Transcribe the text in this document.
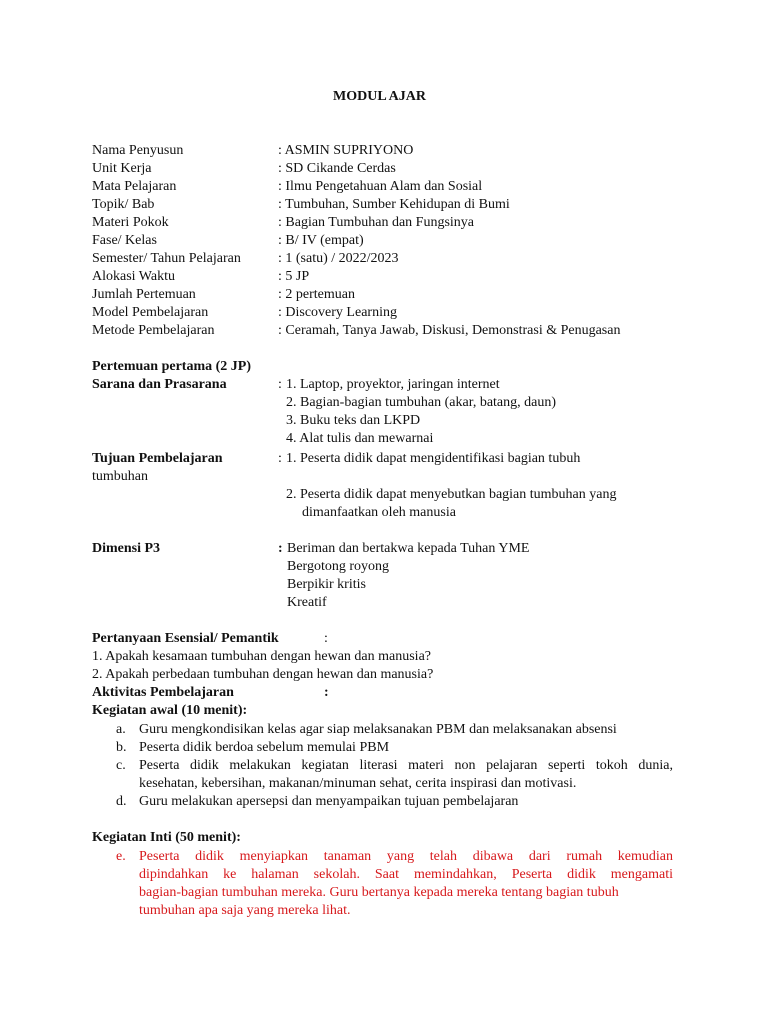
MODUL AJAR
Nama Penyusun	: ASMIN SUPRIYONO
Unit Kerja	: SD Cikande Cerdas
Mata Pelajaran	: Ilmu Pengetahuan Alam dan Sosial
Topik/ Bab	: Tumbuhan, Sumber Kehidupan di Bumi
Materi Pokok	: Bagian Tumbuhan dan Fungsinya
Fase/ Kelas	: B/ IV (empat)
Semester/ Tahun Pelajaran	: 1 (satu) / 2022/2023
Alokasi Waktu	: 5 JP
Jumlah Pertemuan	: 2 pertemuan
Model Pembelajaran	: Discovery Learning
Metode Pembelajaran	: Ceramah, Tanya Jawab, Diskusi, Demonstrasi & Penugasan
Pertemuan pertama (2 JP)
Sarana dan Prasarana	: 1. Laptop, proyektor, jaringan internet
2. Bagian-bagian tumbuhan (akar, batang, daun)
3. Buku teks dan LKPD
4. Alat tulis dan mewarnai
Tujuan Pembelajaran	: 1. Peserta didik dapat mengidentifikasi bagian tubuh
tumbuhan
2. Peserta didik dapat menyebutkan bagian tumbuhan yang
dimanfaatkan oleh manusia
Dimensi P3	: Beriman dan bertakwa kepada Tuhan YME
Bergotong royong
Berpikir kritis
Kreatif
Pertanyaan Esensial/ Pemantik	:
1. Apakah kesamaan tumbuhan dengan hewan dan manusia?
2. Apakah perbedaan tumbuhan dengan hewan dan manusia?
Aktivitas Pembelajaran	:
Kegiatan awal (10 menit):
a. Guru mengkondisikan kelas agar siap melaksanakan PBM dan melaksanakan absensi
b. Peserta didik berdoa sebelum memulai PBM
c. Peserta didik melakukan kegiatan literasi materi non pelajaran seperti tokoh dunia,
kesehatan, kebersihan, makanan/minuman sehat, cerita inspirasi dan motivasi.
d. Guru melakukan apersepsi dan menyampaikan tujuan pembelajaran
Kegiatan Inti (50 menit):
e. Peserta didik menyiapkan tanaman yang telah dibawa dari rumah kemudian
dipindahkan ke halaman sekolah. Saat memindahkan, Peserta didik mengamati
bagian-bagian tumbuhan mereka. Guru bertanya kepada mereka tentang bagian tubuh
tumbuhan apa saja yang mereka lihat.
